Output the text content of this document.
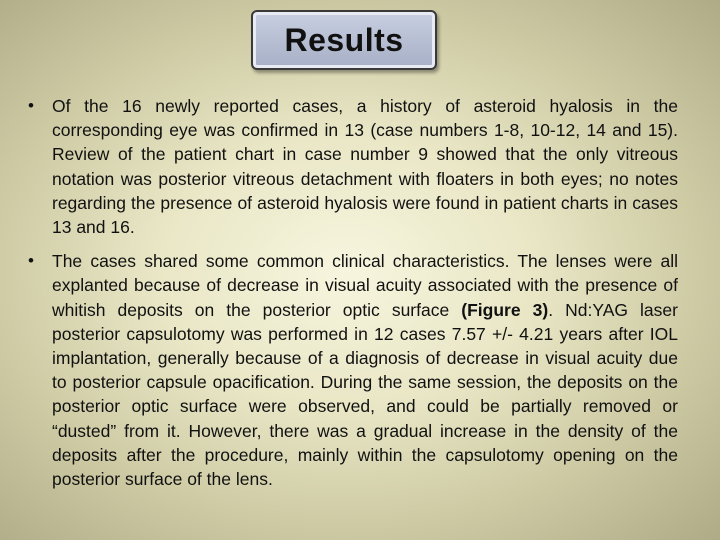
Results
• Of the 16 newly reported cases, a history of asteroid hyalosis in the corresponding eye was confirmed in 13 (case numbers 1-8, 10-12, 14 and 15). Review of the patient chart in case number 9 showed that the only vitreous notation was posterior vitreous detachment with floaters in both eyes; no notes regarding the presence of asteroid hyalosis were found in patient charts in cases 13 and 16.
• The cases shared some common clinical characteristics. The lenses were all explanted because of decrease in visual acuity associated with the presence of whitish deposits on the posterior optic surface (Figure 3). Nd:YAG laser posterior capsulotomy was performed in 12 cases 7.57 +/- 4.21 years after IOL implantation, generally because of a diagnosis of decrease in visual acuity due to posterior capsule opacification. During the same session, the deposits on the posterior optic surface were observed, and could be partially removed or “dusted” from it. However, there was a gradual increase in the density of the deposits after the procedure, mainly within the capsulotomy opening on the posterior surface of the lens.
